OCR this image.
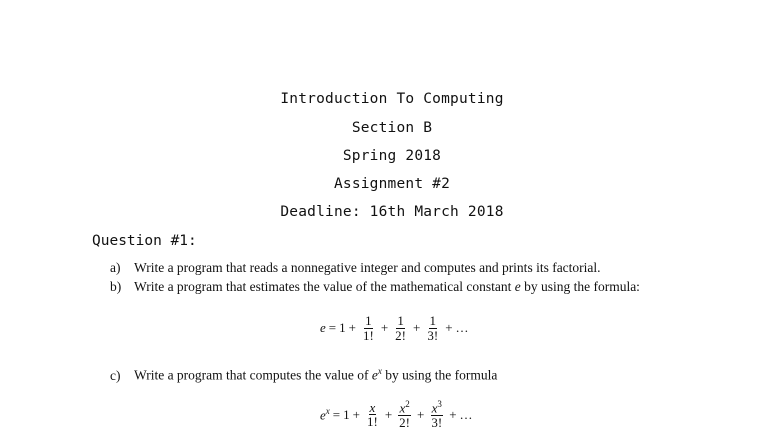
Introduction To Computing
Section B
Spring 2018
Assignment #2
Deadline: 16th March 2018
Question #1:
a) Write a program that reads a nonnegative integer and computes and prints its factorial.
b) Write a program that estimates the value of the mathematical constant e by using the formula:
$e = 1 + \frac{1}{1!} + \frac{1}{2!} + \frac{1}{3!}$ + …
c) Write a program that computes the value of $e^x$ by using the formula
$e^x = 1 + \frac{x}{1!} + \frac{x^2}{2!} + \frac{x^3}{3!}$ + …
